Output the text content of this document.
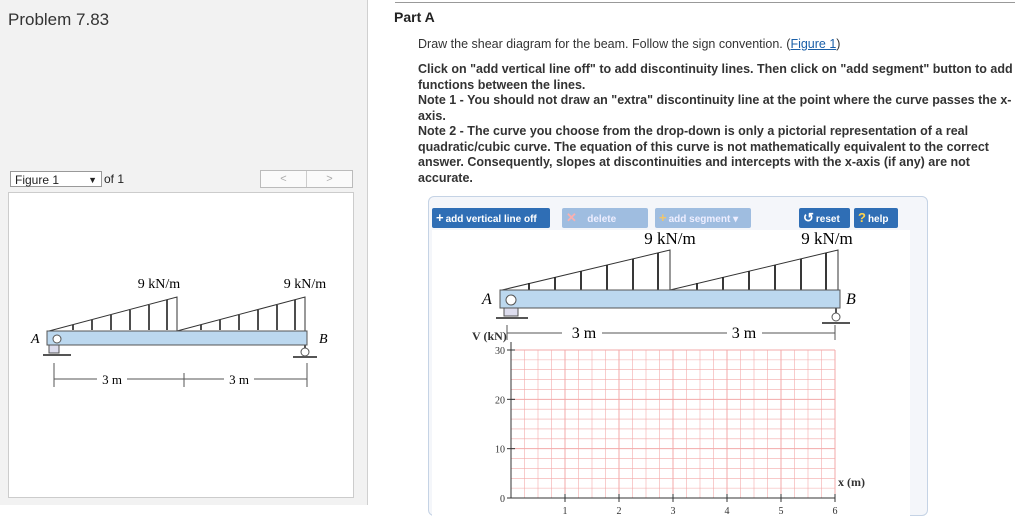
Problem 7.83
Figure 1	▼ of 1	<	>
9 kN/m	9 kN/m
A	B
3 m	3 m
Part A
Draw the shear diagram for the beam. Follow the sign convention. (Figure 1)
Click on "add vertical line off" to add discontinuity lines. Then click on "add segment" button to add functions between the lines.
Note 1 - You should not draw an "extra" discontinuity line at the point where the curve passes the x-axis.
Note 2 - The curve you choose from the drop-down is only a pictorial representation of a real quadratic/cubic curve. The equation of this curve is not mathematically equivalent to the correct answer. Consequently, slopes at discontinuities and intercepts with the x-axis (if any) are not accurate.
+ add vertical line off	✕ delete	+ add segment ▾	↺ reset	? help
9 kN/m	9 kN/m
A	B
3 m	3 m
30
20
10
0
1	2	3	4	5	6
V (kN)
x (m)
